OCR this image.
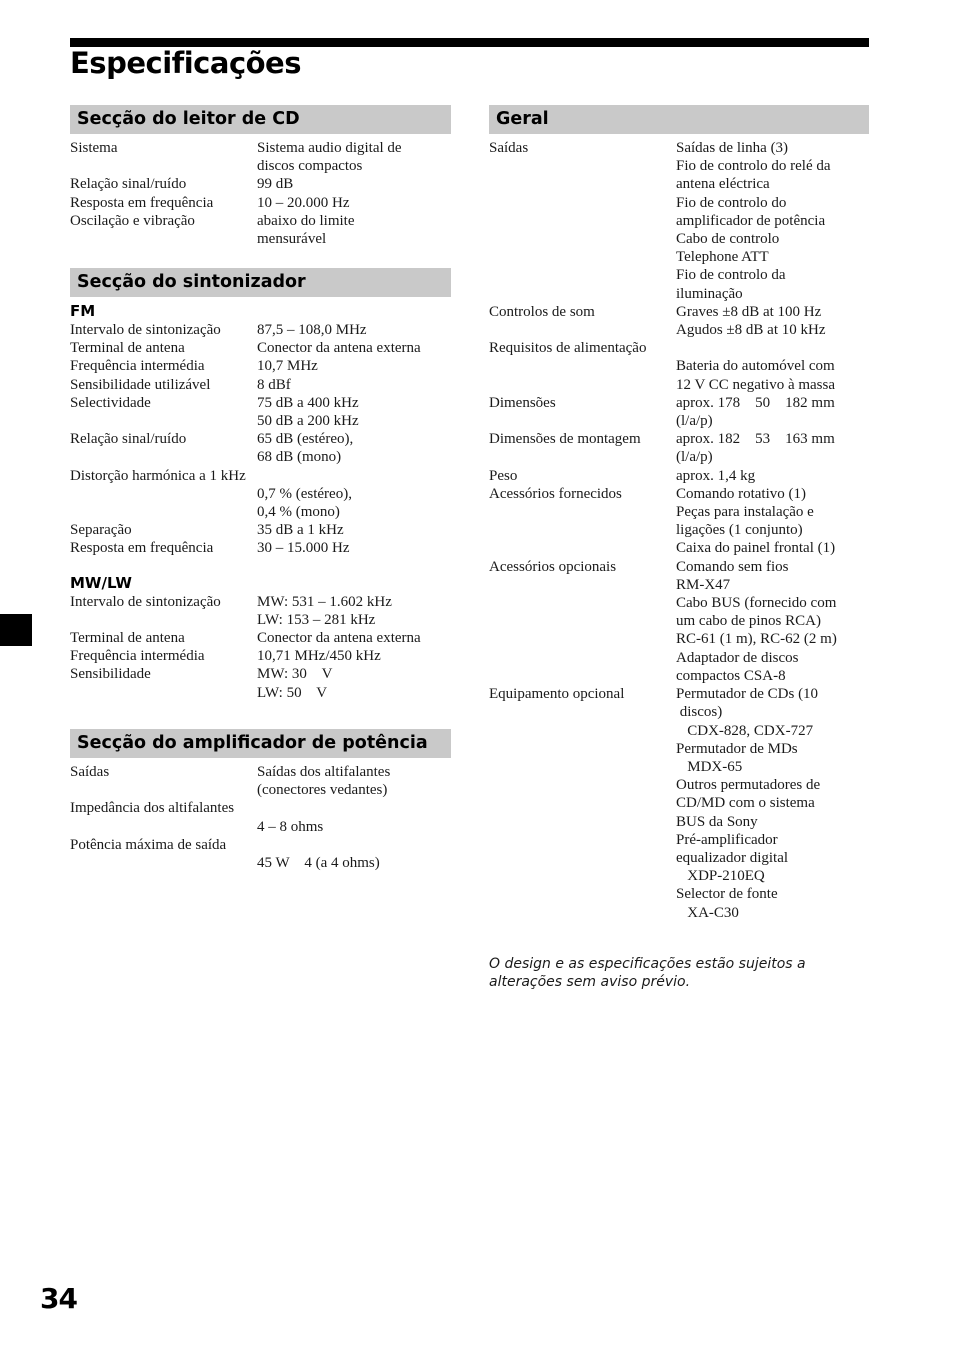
Especificações
Secção do leitor de CD
Sistema	Sistema audio digital de
discos compactos
Relação sinal/ruído	99 dB
Resposta em frequência	10 – 20.000 Hz
Oscilação e vibração	abaixo do limite
mensurável
Secção do sintonizador
FM
Intervalo de sintonização	87,5 – 108,0 MHz
Terminal de antena	Conector da antena externa
Frequência intermédia	10,7 MHz
Sensibilidade utilizável	8 dBf
Selectividade	75 dB a 400 kHz
50 dB a 200 kHz
Relação sinal/ruído	65 dB (estéreo),
68 dB (mono)
Distorção harmónica a 1 kHz
0,7 % (estéreo),
0,4 % (mono)
Separação	35 dB a 1 kHz
Resposta em frequência	30 – 15.000 Hz
MW/LW
Intervalo de sintonização	MW: 531 – 1.602 kHz
LW: 153 – 281 kHz
Terminal de antena	Conector da antena externa
Frequência intermédia	10,71 MHz/450 kHz
Sensibilidade	MW: 30    V
LW: 50    V
Secção do amplificador de potência
Saídas	Saídas dos altifalantes
(conectores vedantes)
Impedância dos altifalantes
4 – 8 ohms
Potência máxima de saída
45 W    4 (a 4 ohms)
Geral
Saídas	Saídas de linha (3)
Fio de controlo do relé da
antena eléctrica
Fio de controlo do
amplificador de potência
Cabo de controlo
Telephone ATT
Fio de controlo da
iluminação
Controlos de som	Graves ±8 dB at 100 Hz
Agudos ±8 dB at 10 kHz
Requisitos de alimentação
Bateria do automóvel com
12 V CC negativo à massa
Dimensões	aprox. 178    50    182 mm
(l/a/p)
Dimensões de montagem	aprox. 182    53    163 mm
(l/a/p)
Peso	aprox. 1,4 kg
Acessórios fornecidos	Comando rotativo (1)
Peças para instalação e
ligações (1 conjunto)
Caixa do painel frontal (1)
Acessórios opcionais	Comando sem fios
RM-X47
Cabo BUS (fornecido com
um cabo de pinos RCA)
RC-61 (1 m), RC-62 (2 m)
Adaptador de discos
compactos CSA-8
Equipamento opcional	Permutador de CDs (10
discos)
CDX-828, CDX-727
Permutador de MDs
MDX-65
Outros permutadores de
CD/MD com o sistema
BUS da Sony
Pré-amplificador
equalizador digital
XDP-210EQ
Selector de fonte
XA-C30
O design e as especificações estão sujeitos a
alterações sem aviso prévio.
34
